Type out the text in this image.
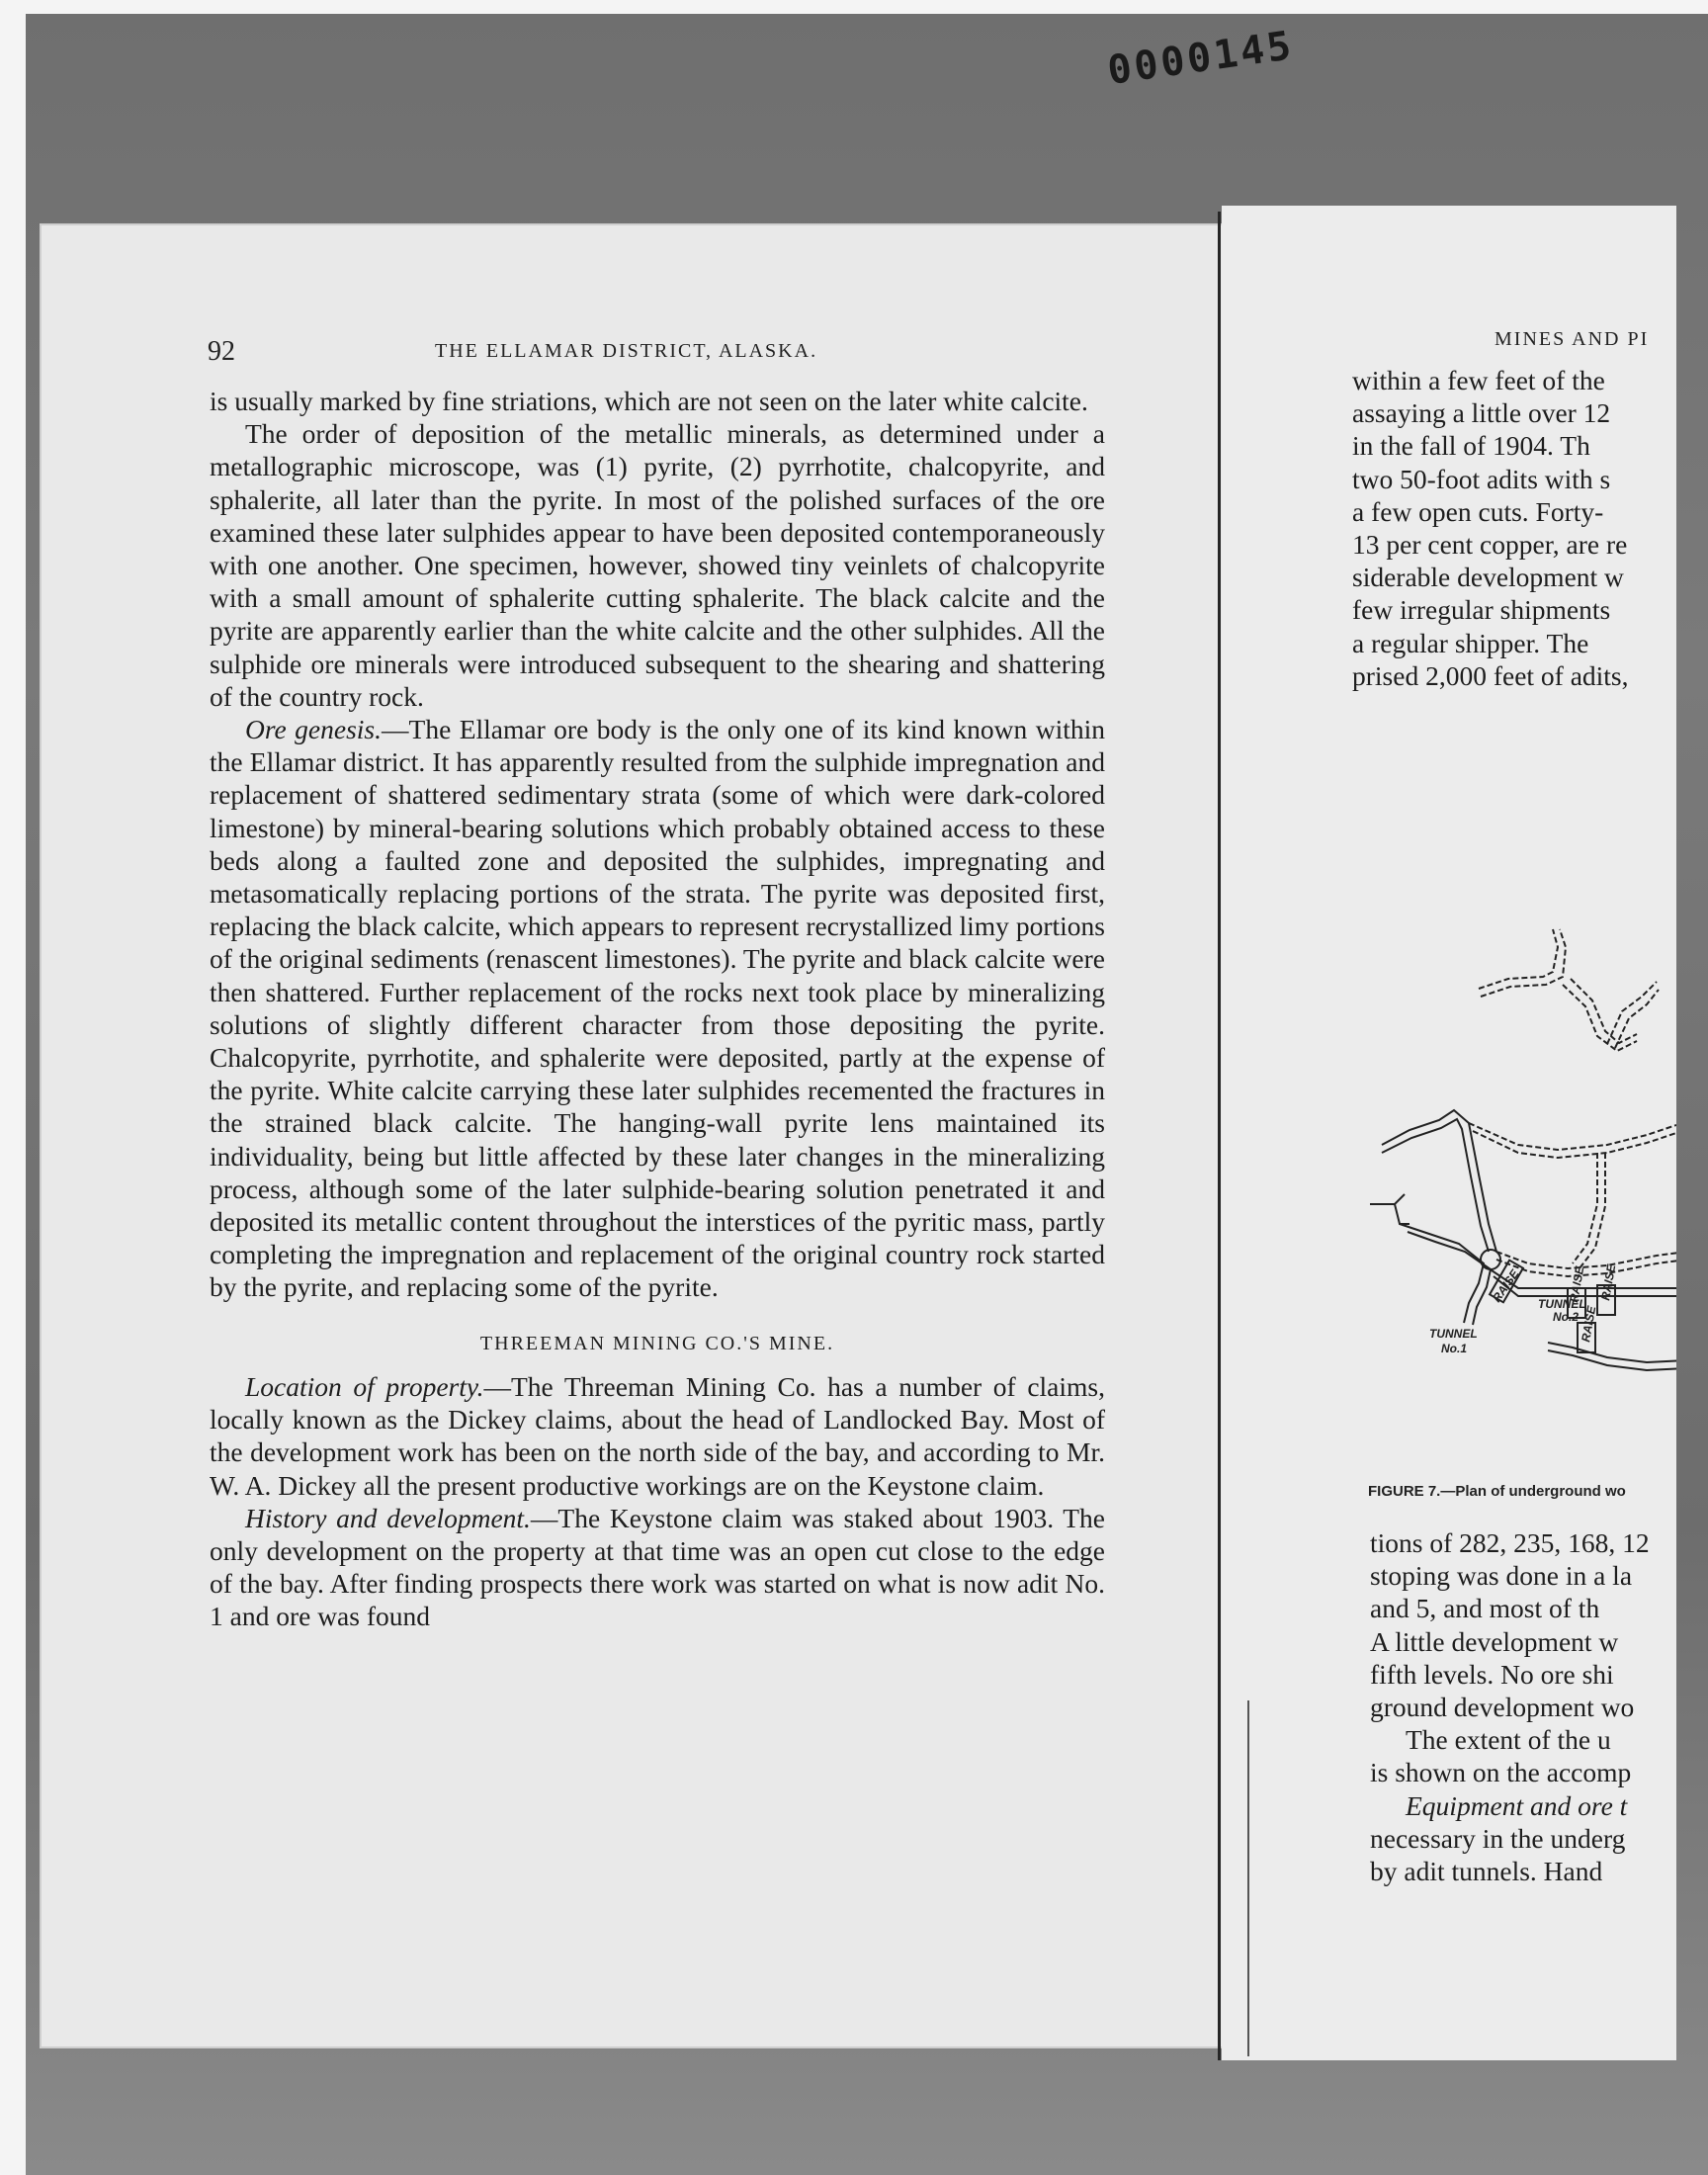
0000145
MINES AND PI
within a few feet of the
assaying a little over 12
in the fall of 1904. Th
two 50-foot adits with s
a few open cuts. Forty-
13 per cent copper, are re
siderable development w
few irregular shipments
a regular shipper. The
prised 2,000 feet of adits,
TUNNEL
No.1
TUNNEL
No.2
RAISE	RAISE RAISE
RAISE
FIGURE 7.—Plan of underground wo
tions of 282, 235, 168, 12
stoping was done in a la
and 5, and most of th
A little development w
fifth levels. No ore shi
ground development wo
The extent of the u
is shown on the accomp
Equipment and ore t
necessary in the underg
by adit tunnels. Hand
92	THE ELLAMAR DISTRICT, ALASKA.

is usually marked by fine striations, which are not seen on the later white calcite.

The order of deposition of the metallic minerals, as determined under a metallographic microscope, was (1) pyrite, (2) pyrrhotite, chalcopyrite, and sphalerite, all later than the pyrite. In most of the polished surfaces of the ore examined these later sulphides appear to have been deposited contemporaneously with one another. One specimen, however, showed tiny veinlets of chalcopyrite with a small amount of sphalerite cutting sphalerite. The black calcite and the pyrite are apparently earlier than the white calcite and the other sulphides. All the sulphide ore minerals were introduced subsequent to the shearing and shattering of the country rock.

Ore genesis.—The Ellamar ore body is the only one of its kind known within the Ellamar district. It has apparently resulted from the sulphide impregnation and replacement of shattered sedimentary strata (some of which were dark-colored limestone) by mineral-bearing solutions which probably obtained access to these beds along a faulted zone and deposited the sulphides, impregnating and metasomatically replacing portions of the strata. The pyrite was deposited first, replacing the black calcite, which appears to represent recrystallized limy portions of the original sediments (renascent limestones). The pyrite and black calcite were then shattered. Further replacement of the rocks next took place by mineralizing solutions of slightly different character from those depositing the pyrite. Chalcopyrite, pyrrhotite, and sphalerite were deposited, partly at the expense of the pyrite. White calcite carrying these later sulphides recemented the fractures in the strained black calcite. The hanging-wall pyrite lens maintained its individuality, being but little affected by these later changes in the mineralizing process, although some of the later sulphide-bearing solution penetrated it and deposited its metallic content throughout the interstices of the pyritic mass, partly completing the impregnation and replacement of the original country rock started by the pyrite, and replacing some of the pyrite.

THREEMAN MINING CO.'S MINE.

Location of property.—The Threeman Mining Co. has a number of claims, locally known as the Dickey claims, about the head of Landlocked Bay. Most of the development work has been on the north side of the bay, and according to Mr. W. A. Dickey all the present productive workings are on the Keystone claim.

History and development.—The Keystone claim was staked about 1903. The only development on the property at that time was an open cut close to the edge of the bay. After finding prospects there work was started on what is now adit No. 1 and ore was found
